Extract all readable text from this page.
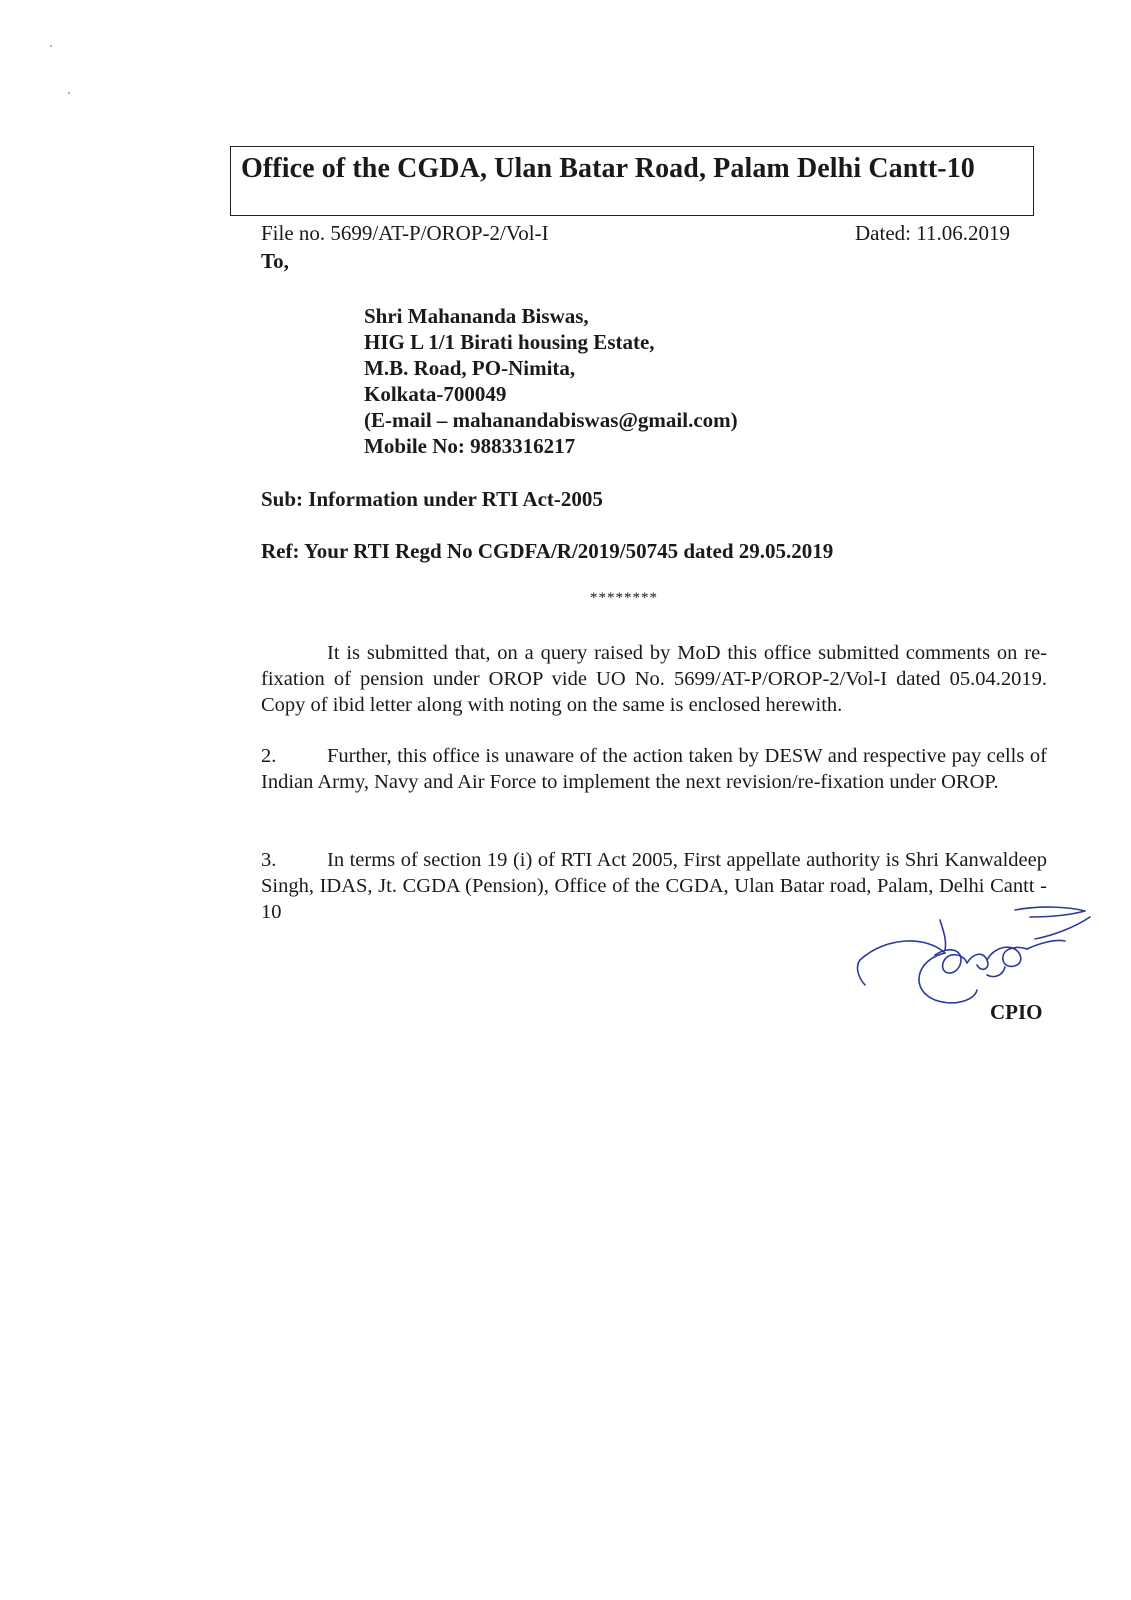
Office of the CGDA, Ulan Batar Road, Palam Delhi Cantt-10
File no. 5699/AT-P/OROP-2/Vol-I	Dated: 11.06.2019
To,
Shri Mahananda Biswas,
HIG L 1/1 Birati housing Estate,
M.B. Road, PO-Nimita,
Kolkata-700049
(E-mail – mahanandabiswas@gmail.com)
Mobile No: 9883316217
Sub: Information under RTI Act-2005
Ref: Your RTI Regd No CGDFA/R/2019/50745 dated 29.05.2019
********
It is submitted that, on a query raised by MoD this office submitted comments on re-fixation of pension under OROP vide UO No. 5699/AT-P/OROP-2/Vol-I dated 05.04.2019. Copy of ibid letter along with noting on the same is enclosed herewith.
2. Further, this office is unaware of the action taken by DESW and respective pay cells of Indian Army, Navy and Air Force to implement the next revision/re-fixation under OROP.
3. In terms of section 19 (i) of RTI Act 2005, First appellate authority is Shri Kanwaldeep Singh, IDAS, Jt. CGDA (Pension), Office of the CGDA, Ulan Batar road, Palam, Delhi Cantt - 10
CPIO
